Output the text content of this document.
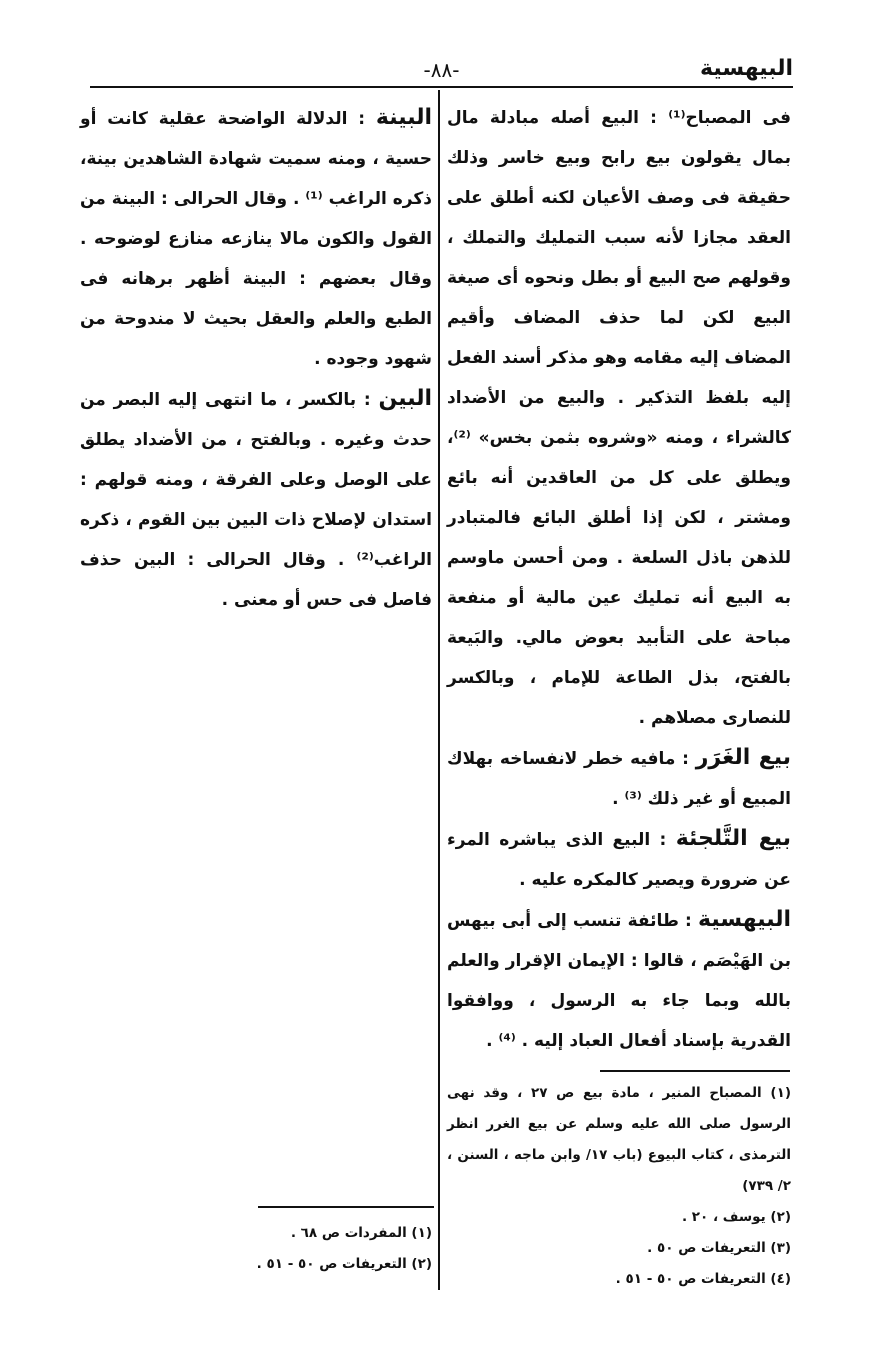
البيهسية
-٨٨-

فى المصباح⁽¹⁾ : البيع أصله مبادلة مال بمال يقولون بيع رابح وبيع خاسر وذلك حقيقة فى وصف الأعيان لكنه أطلق على العقد مجازا لأنه سبب التمليك والتملك ، وقولهم صح البيع أو بطل ونحوه أى صيغة البيع لكن لما حذف المضاف وأقيم المضاف إليه مقامه وهو مذكر أسند الفعل إليه بلفظ التذكير . والبيع من الأضداد كالشراء ، ومنه «وشروه بثمن بخس» ⁽²⁾، ويطلق على كل من العاقدين أنه بائع ومشتر ، لكن إذا أطلق البائع فالمتبادر للذهن باذل السلعة . ومن أحسن ماوسم به البيع أنه تمليك عين مالية أو منفعة مباحة على التأبيد بعوض مالي. والبَيعة بالفتح، بذل الطاعة للإمام ، وبالكسر للنصارى مصلاهم .

بيع الغَرَر : مافيه خطر لانفساخه بهلاك المبيع أو غير ذلك ⁽³⁾ .

بيع التَّلجئة : البيع الذى يباشره المرء عن ضرورة ويصير كالمكره عليه .

البيهسية : طائفة تنسب إلى أبى بيهس بن الهَيْصَم ، قالوا : الإيمان الإقرار والعلم بالله وبما جاء به الرسول ، ووافقوا القدرية بإسناد أفعال العباد إليه . ⁽⁴⁾ .

البينة : الدلالة الواضحة عقلية كانت أو حسية ، ومنه سميت شهادة الشاهدين بينة، ذكره الراغب ⁽¹⁾ . وقال الحرالى : البينة من القول والكون مالا ينازعه منازع لوضوحه . وقال بعضهم : البينة أظهر برهانه فى الطبع والعلم والعقل بحيث لا مندوحة من شهود وجوده .

البين : بالكسر ، ما انتهى إليه البصر من حدث وغيره . وبالفتح ، من الأضداد يطلق على الوصل وعلى الفرقة ، ومنه قولهم : استدان لإصلاح ذات البين بين القوم ، ذكره الراغب⁽²⁾ . وقال الحرالى : البين حذف فاصل فى حس أو معنى .

(١) المصباح المنير ، مادة بيع ص ٢٧ ، وقد نهى الرسول صلى الله عليه وسلم عن بيع الغرر انظر الترمذى ، كتاب البيوع (باب ١٧/ وابن ماجه ، السنن ، ٢/ ٧٣٩)

(٢) يوسف ، ٢٠ .

(٣) التعريفات ص ٥٠ .

(٤) التعريفات ص ٥٠ - ٥١ .

(١) المفردات ص ٦٨ .

(٢) التعريفات ص ٥٠ - ٥١ .
